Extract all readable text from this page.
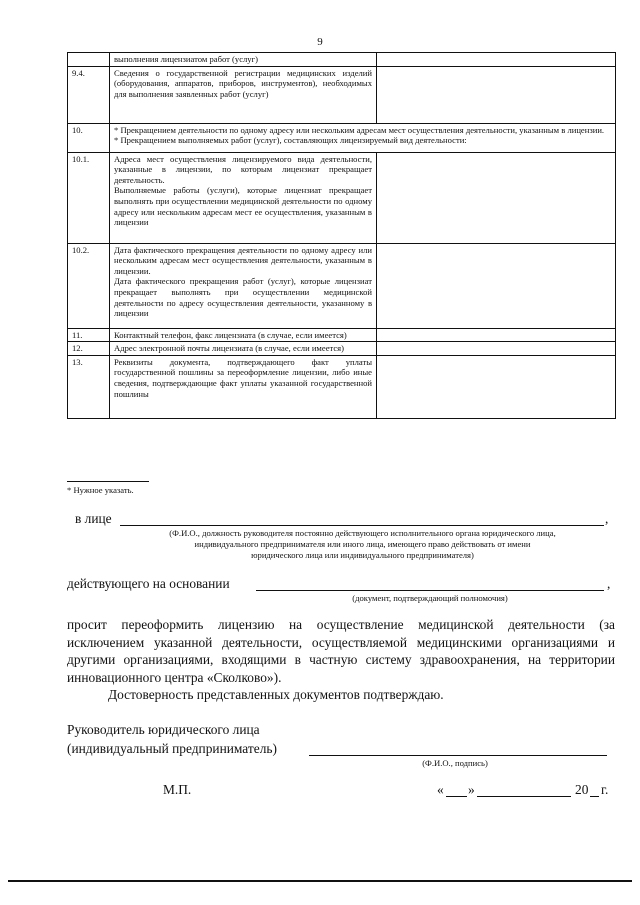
9
	выполнения лицензиатом работ (услуг)	
9.4.	Сведения о государственной регистрации медицинских изделий (оборудования, аппаратов, приборов, инструментов), необходимых для выполнения заявленных работ (услуг)	
10.	* Прекращением деятельности по одному адресу или нескольким адресам мест осуществления деятельности, указанным в лицензии.

* Прекращением выполняемых работ (услуг), составляющих лицензируемый вид деятельности:	

10.1.	Адреса мест осуществления лицензируемого вида деятельности, указанные в лицензии, по которым лицензиат прекращает деятельность.

Выполняемые работы (услуги), которые лицензиат прекращает выполнять при осуществлении медицинской деятельности по одному адресу или нескольким адресам мест ее осуществления, указанным в лицензии	

10.2.	Дата фактического прекращения деятельности по одному адресу или нескольким адресам мест осуществления деятельности, указанным в лицензии.

Дата фактического прекращения работ (услуг), которые лицензиат прекращает выполнять при осуществлении медицинской деятельности по адресу осуществления деятельности, указанному в лицензии	

11.	Контактный телефон, факс лицензиата (в случае, если имеется)	
12.	Адрес электронной почты лицензиата (в случае, если имеется)	
13.	Реквизиты документа, подтверждающего факт уплаты государственной пошлины за переоформление лицензии, либо иные сведения, подтверждающие факт уплаты указанной государственной пошлины	
* Нужное указать.
в лице	,
(Ф.И.О., должность руководителя постоянно действующего исполнительного органа юридического лица,
индивидуального предпринимателя или иного лица, имеющего право действовать от имени
юридического лица или индивидуального предпринимателя)
действующего на основании	,
(документ, подтверждающий полномочия)

просит переоформить лицензию на осуществление медицинской деятельности (за исключением указанной деятельности, осуществляемой медицинскими организациями и другими организациями, входящими в частную систему здравоохранения, на территории инновационного центра «Сколково»).

Достоверность представленных документов подтверждаю.

Руководитель юридического лица
(индивидуальный предприниматель)
(Ф.И.О., подпись)
М.П.	« »	20 г.
